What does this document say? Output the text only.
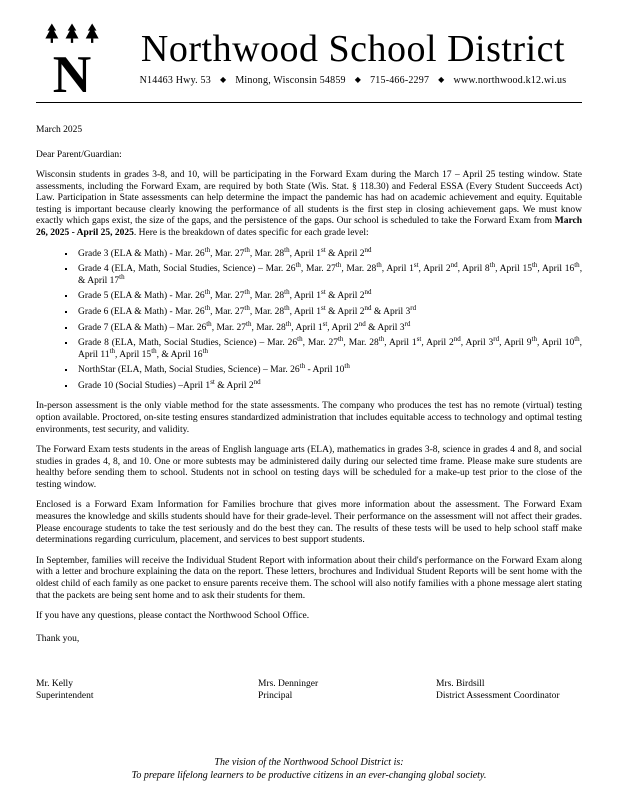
N	Northwood School District
N14463 Hwy. 53 ◆ Minong, Wisconsin 54859 ◆ 715-466-2297 ◆ www.northwood.k12.wi.us
March 2025
Dear Parent/Guardian:

Wisconsin students in grades 3-8, and 10, will be participating in the Forward Exam during the March 17 – April 25 testing window. State assessments, including the Forward Exam, are required by both State (Wis. Stat. § 118.30) and Federal ESSA (Every Student Succeeds Act) Law. Participation in State assessments can help determine the impact the pandemic has had on academic achievement and equity. Equitable testing is important because clearly knowing the performance of all students is the first step in closing achievement gaps. We must know exactly which gaps exist, the size of the gaps, and the persistence of the gaps. Our school is scheduled to take the Forward Exam from March 26, 2025 - April 25, 2025. Here is the breakdown of dates specific for each grade level:

▪ Grade 3 (ELA & Math) - Mar. 26th, Mar. 27th, Mar. 28th, April 1st & April 2nd
▪ Grade 4 (ELA, Math, Social Studies, Science) – Mar. 26th, Mar. 27th, Mar. 28th, April 1st, April 2nd, April 8th, April 15th, April 16th, & April 17th
▪ Grade 5 (ELA & Math) - Mar. 26th, Mar. 27th, Mar. 28th, April 1st & April 2nd
▪ Grade 6 (ELA & Math) - Mar. 26th, Mar. 27th, Mar. 28th, April 1st & April 2nd & April 3rd
▪ Grade 7 (ELA & Math) – Mar. 26th, Mar. 27th, Mar. 28th, April 1st, April 2nd & April 3rd
▪ Grade 8 (ELA, Math, Social Studies, Science) – Mar. 26th, Mar. 27th, Mar. 28th, April 1st, April 2nd, April 3rd, April 9th, April 10th, April 11th, April 15th, & April 16th
▪ NorthStar (ELA, Math, Social Studies, Science) – Mar. 26th - April 10th
▪ Grade 10 (Social Studies) –April 1st & April 2nd

In-person assessment is the only viable method for the state assessments. The company who produces the test has no remote (virtual) testing option available. Proctored, on-site testing ensures standardized administration that includes equitable access to technology and optimal testing environments, test security, and validity.

The Forward Exam tests students in the areas of English language arts (ELA), mathematics in grades 3-8, science in grades 4 and 8, and social studies in grades 4, 8, and 10. One or more subtests may be administered daily during our selected time frame. Please make sure students are healthy before sending them to school. Students not in school on testing days will be scheduled for a make-up test prior to the close of the testing window.

Enclosed is a Forward Exam Information for Families brochure that gives more information about the assessment. The Forward Exam measures the knowledge and skills students should have for their grade-level. Their performance on the assessment will not affect their grades. Please encourage students to take the test seriously and do the best they can. The results of these tests will be used to help school staff make determinations regarding curriculum, placement, and services to best support students.

In September, families will receive the Individual Student Report with information about their child's performance on the Forward Exam along with a letter and brochure explaining the data on the report. These letters, brochures and Individual Student Reports will be sent home with the oldest child of each family as one packet to ensure parents receive them. The school will also notify families with a phone message alert stating that the packets are being sent home and to ask their students for them.

If you have any questions, please contact the Northwood School Office.

Thank you,

Mr. Kelly

Superintendent

Mrs. Denninger

Principal

Mrs. Birdsill

District Assessment Coordinator

The vision of the Northwood School District is:
To prepare lifelong learners to be productive citizens in an ever-changing global society.
